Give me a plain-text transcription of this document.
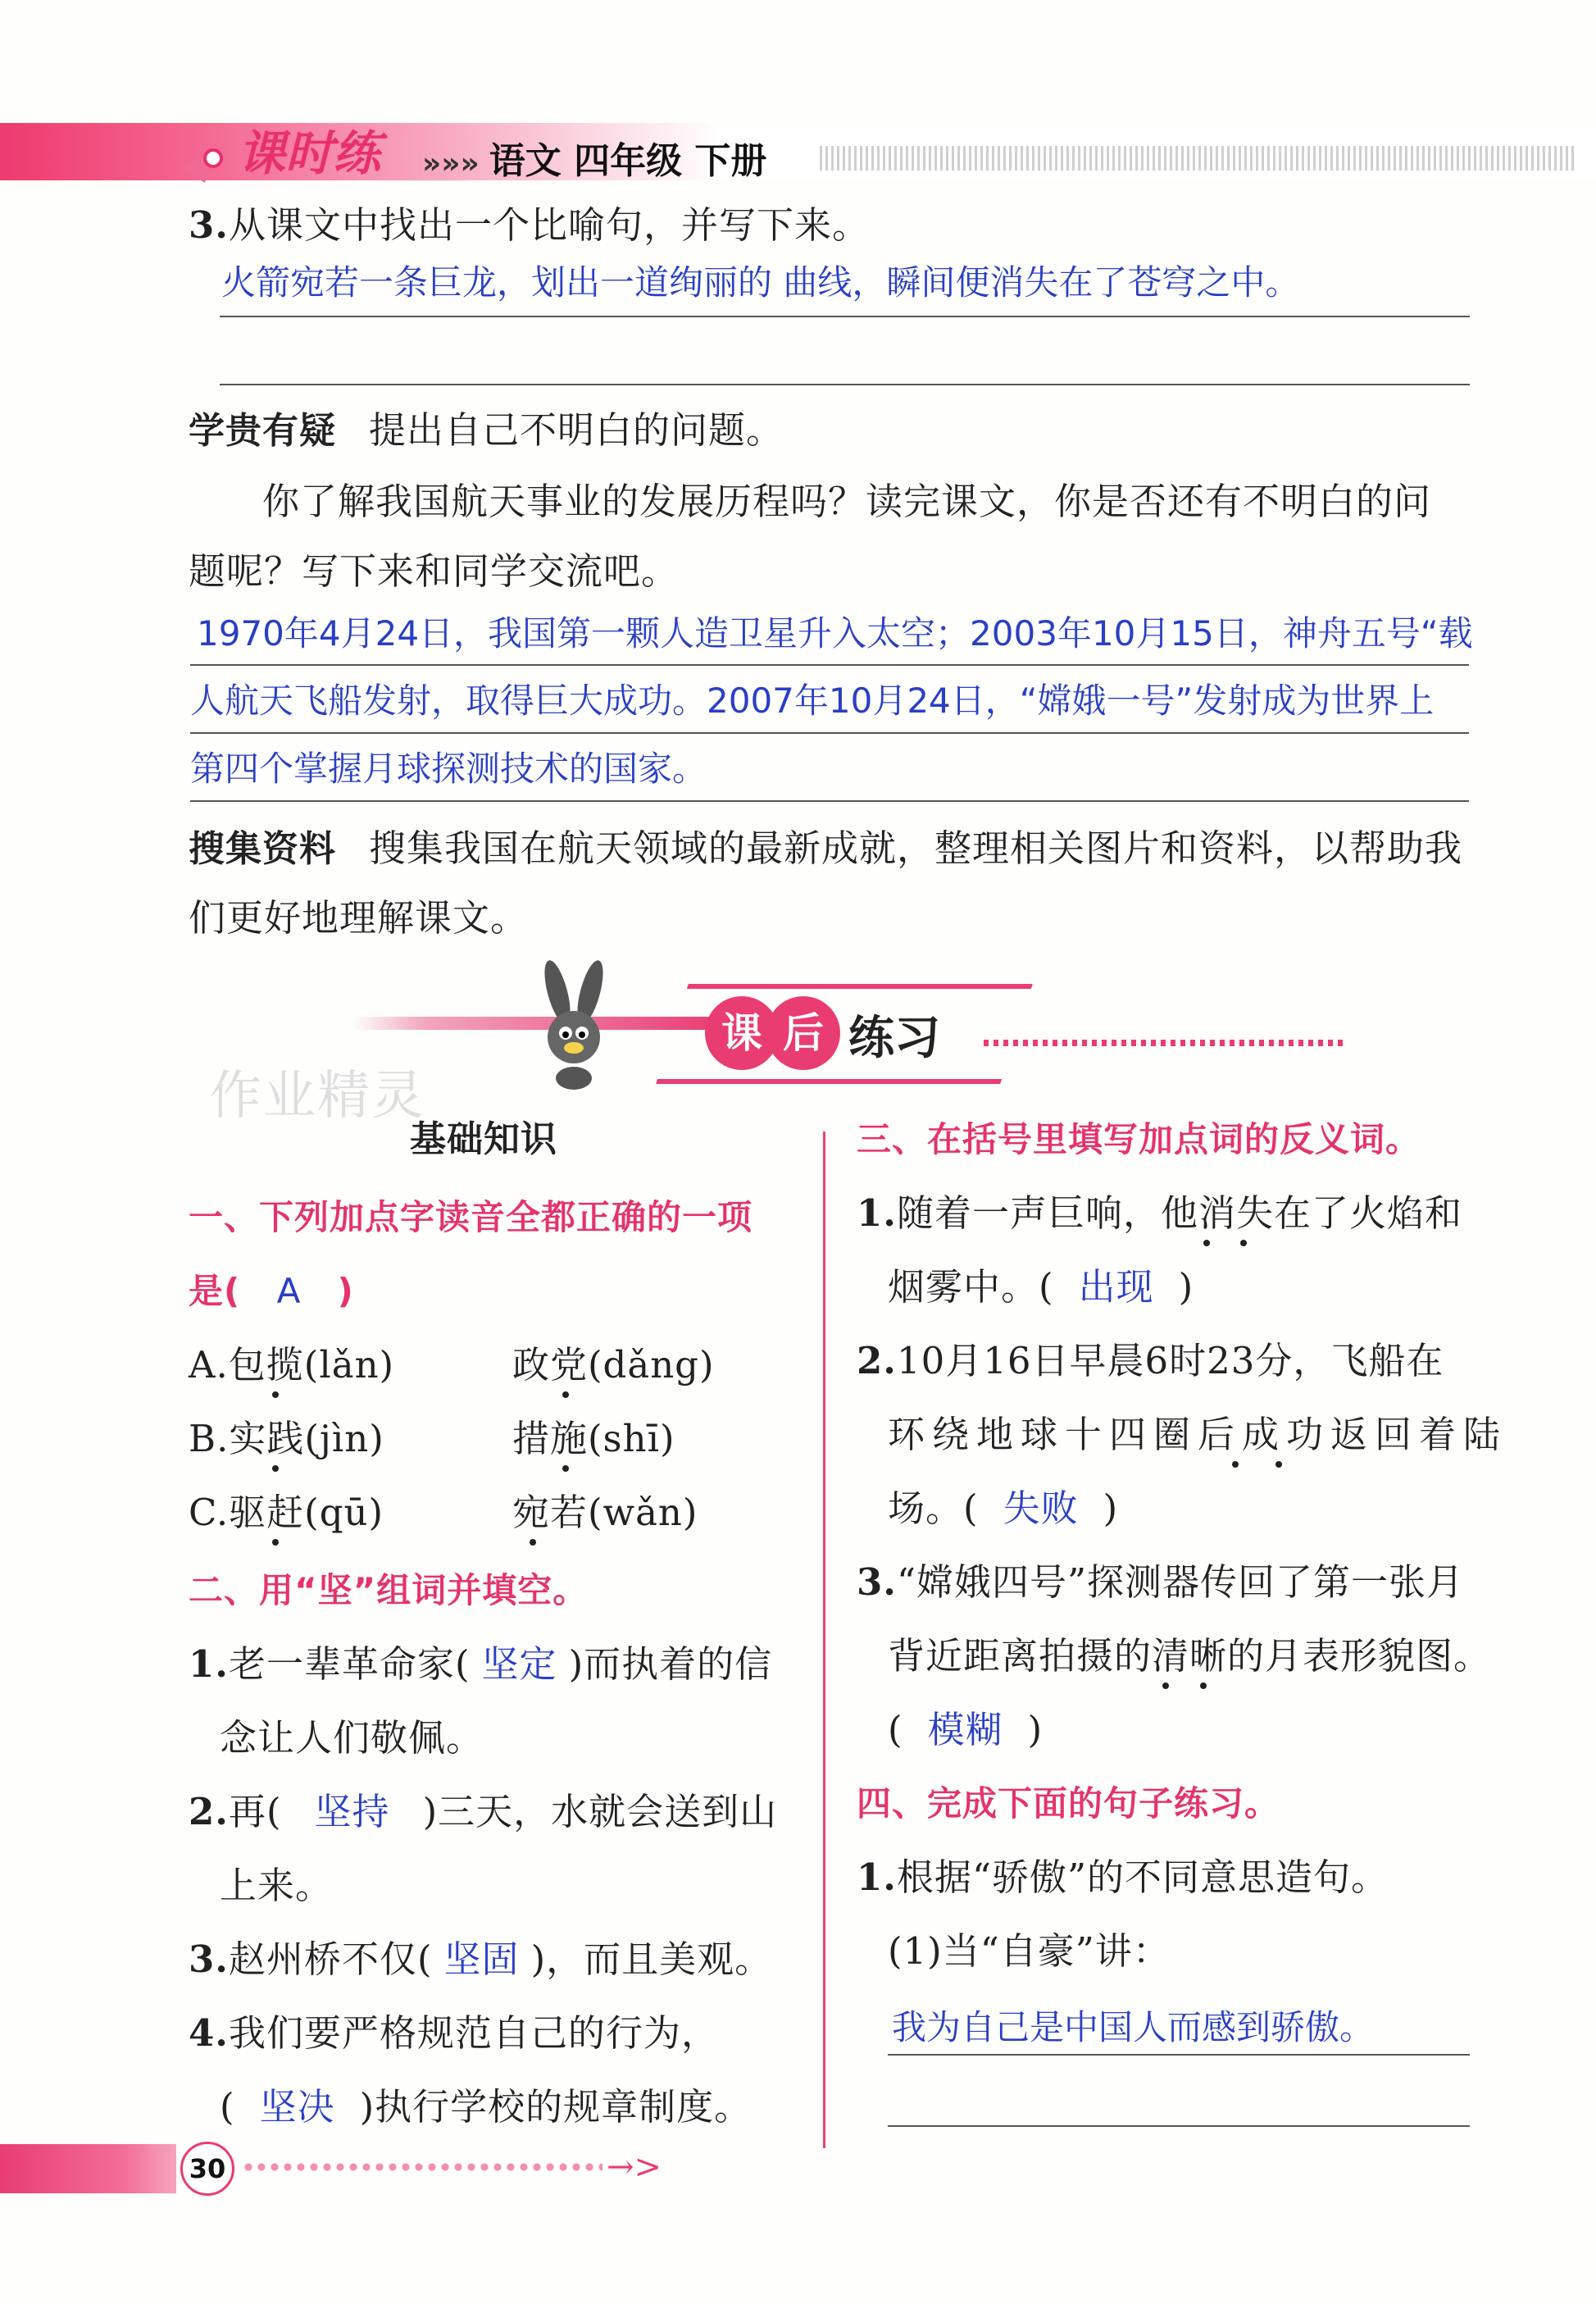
课时练 »»» 语文 四年级 下册
3.从课文中找出一个比喻句，并写下来。
火箭宛若一条巨龙，划出一道绚丽的 曲线，瞬间便消失在了苍穹之中。
学贵有疑 提出自己不明白的问题。
你了解我国航天事业的发展历程吗？读完课文，你是否还有不明白的问
题呢？写下来和同学交流吧。
1970年4月24日，我国第一颗人造卫星升入太空；2003年10月15日，神舟五号“载
人航天飞船发射，取得巨大成功。2007年10月24日，“嫦娥一号”发射成为世界上
第四个掌握月球探测技术的国家。
搜集资料 搜集我国在航天领域的最新成就，整理相关图片和资料，以帮助我
们更好地理解课文。
课 后 练习
作业精灵
基础知识
一、下列加点字读音全都正确的一项
是( A )
A.包揽(lǎn)	政党(dǎng)
B.实践(jìn)	措施(shī)
C.驱赶(qū)	宛若(wǎn)
二、用“坚”组词并填空。
1.老一辈革命家( 坚定 )而执着的信
念让人们敬佩。
2.再( 坚持 )三天，水就会送到山
上来。
3.赵州桥不仅( 坚固 )，而且美观。
4.我们要严格规范自己的行为，
( 坚决 )执行学校的规章制度。
三、在括号里填写加点词的反义词。
1.随着一声巨响，他消失在了火焰和
烟雾中。( 出现 )
2.10月16日早晨6时23分，飞船在
环绕地球十四圈后成功返回着陆
场。( 失败 )
3.“嫦娥四号”探测器传回了第一张月
背近距离拍摄的清晰的月表形貌图。
( 模糊 )
四、完成下面的句子练习。
1.根据“骄傲”的不同意思造句。
(1)当“自豪”讲：
我为自己是中国人而感到骄傲。
30	→>
